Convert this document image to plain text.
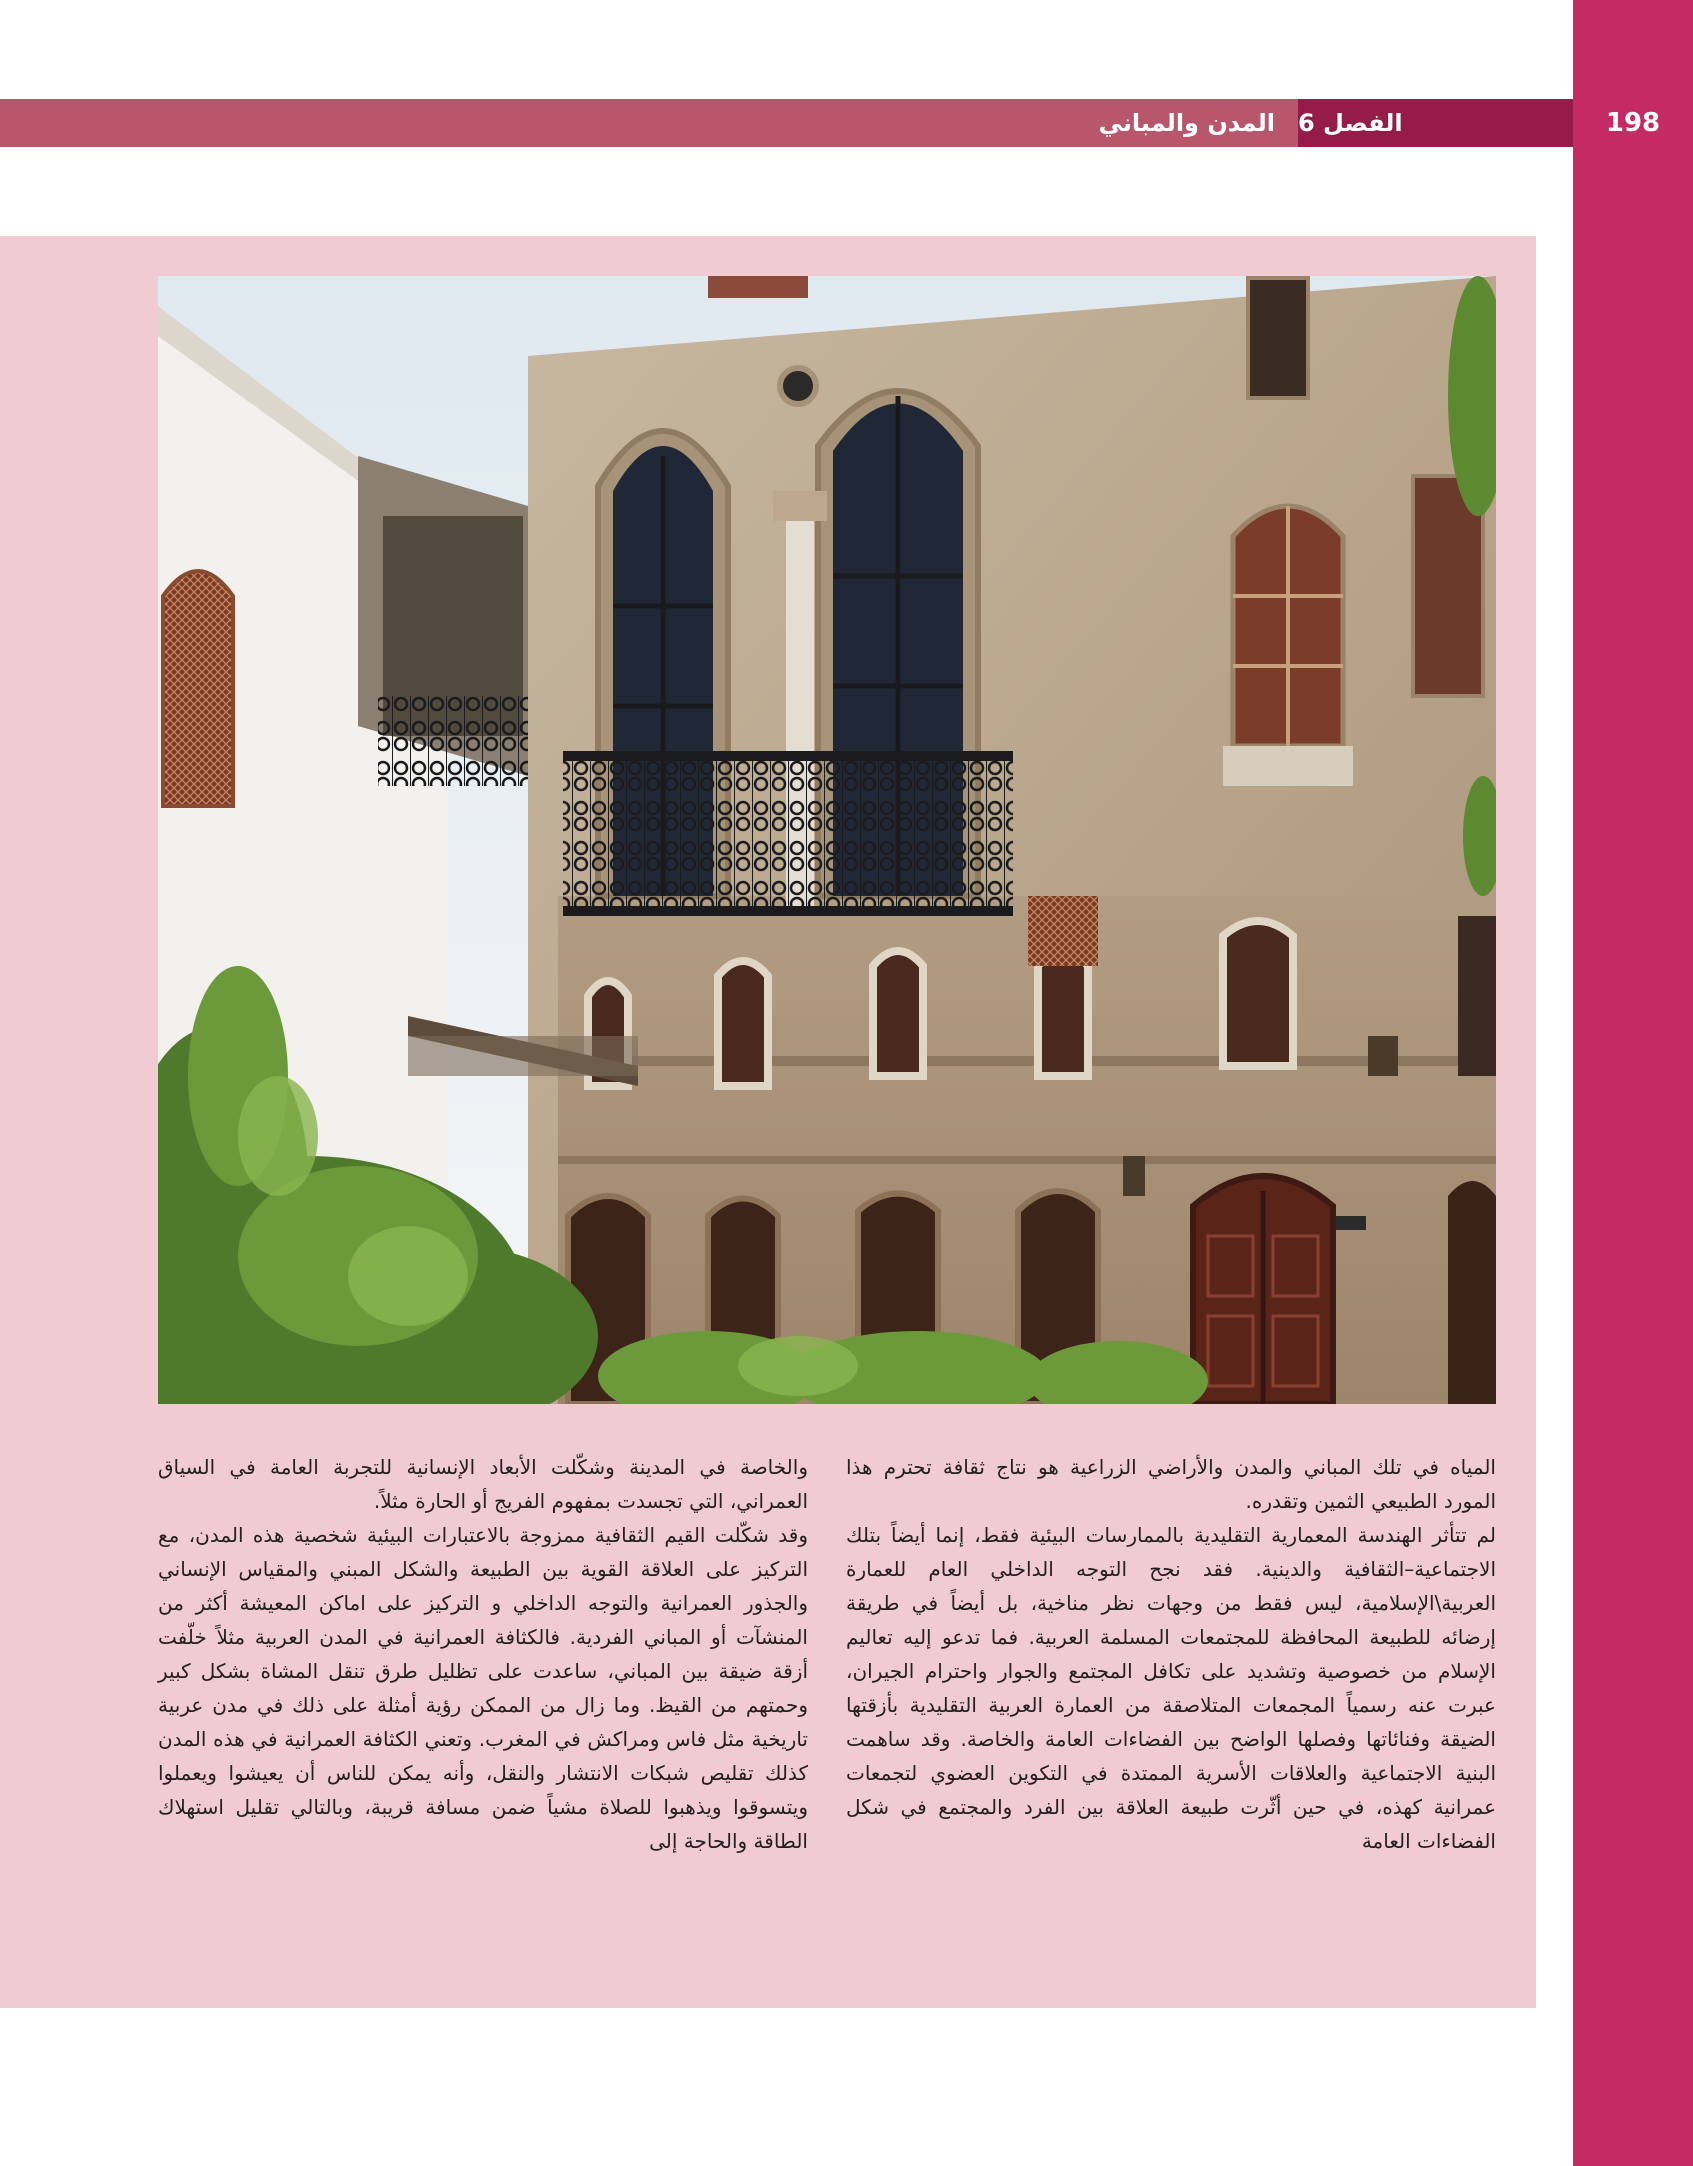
198
الفصل 6
المدن والمباني

المياه في تلك المباني والمدن والأراضي الزراعية هو نتاج ثقافة تحترم هذا المورد الطبيعي الثمين وتقدره.

لم تتأثر الهندسة المعمارية التقليدية بالممارسات البيئية فقط، إنما أيضاً بتلك الاجتماعية–الثقافية والدينية. فقد نجح التوجه الداخلي العام للعمارة العربية\الإسلامية، ليس فقط من وجهات نظر مناخية، بل أيضاً في طريقة إرضائه للطبيعة المحافظة للمجتمعات المسلمة العربية. فما تدعو إليه تعاليم الإسلام من خصوصية وتشديد على تكافل المجتمع والجوار واحترام الجيران، عبرت عنه رسمياً المجمعات المتلاصقة من العمارة العربية التقليدية بأزقتها الضيقة وفنائاتها وفصلها الواضح بين الفضاءات العامة والخاصة. وقد ساهمت البنية الاجتماعية والعلاقات الأسرية الممتدة في التكوين العضوي لتجمعات عمرانية كهذه، في حين أثّرت طبيعة العلاقة بين الفرد والمجتمع في شكل الفضاءات العامة

والخاصة في المدينة وشكّلت الأبعاد الإنسانية للتجربة العامة في السياق العمراني، التي تجسدت بمفهوم الفريج أو الحارة مثلاً.

وقد شكّلت القيم الثقافية ممزوجة بالاعتبارات البيئية شخصية هذه المدن، مع التركيز على العلاقة القوية بين الطبيعة والشكل المبني والمقياس الإنساني والجذور العمرانية والتوجه الداخلي و التركيز على اماكن المعيشة أكثر من المنشآت أو المباني الفردية. فالكثافة العمرانية في المدن العربية مثلاً خلّفت أزقة ضيقة بين المباني، ساعدت على تظليل طرق تنقل المشاة بشكل كبير وحمتهم من القيظ. وما زال من الممكن رؤية أمثلة على ذلك في مدن عربية تاريخية مثل فاس ومراكش في المغرب. وتعني الكثافة العمرانية في هذه المدن كذلك تقليص شبكات الانتشار والنقل، وأنه يمكن للناس أن يعيشوا ويعملوا ويتسوقوا ويذهبوا للصلاة مشياً ضمن مسافة قريبة، وبالتالي تقليل استهلاك الطاقة والحاجة إلى
